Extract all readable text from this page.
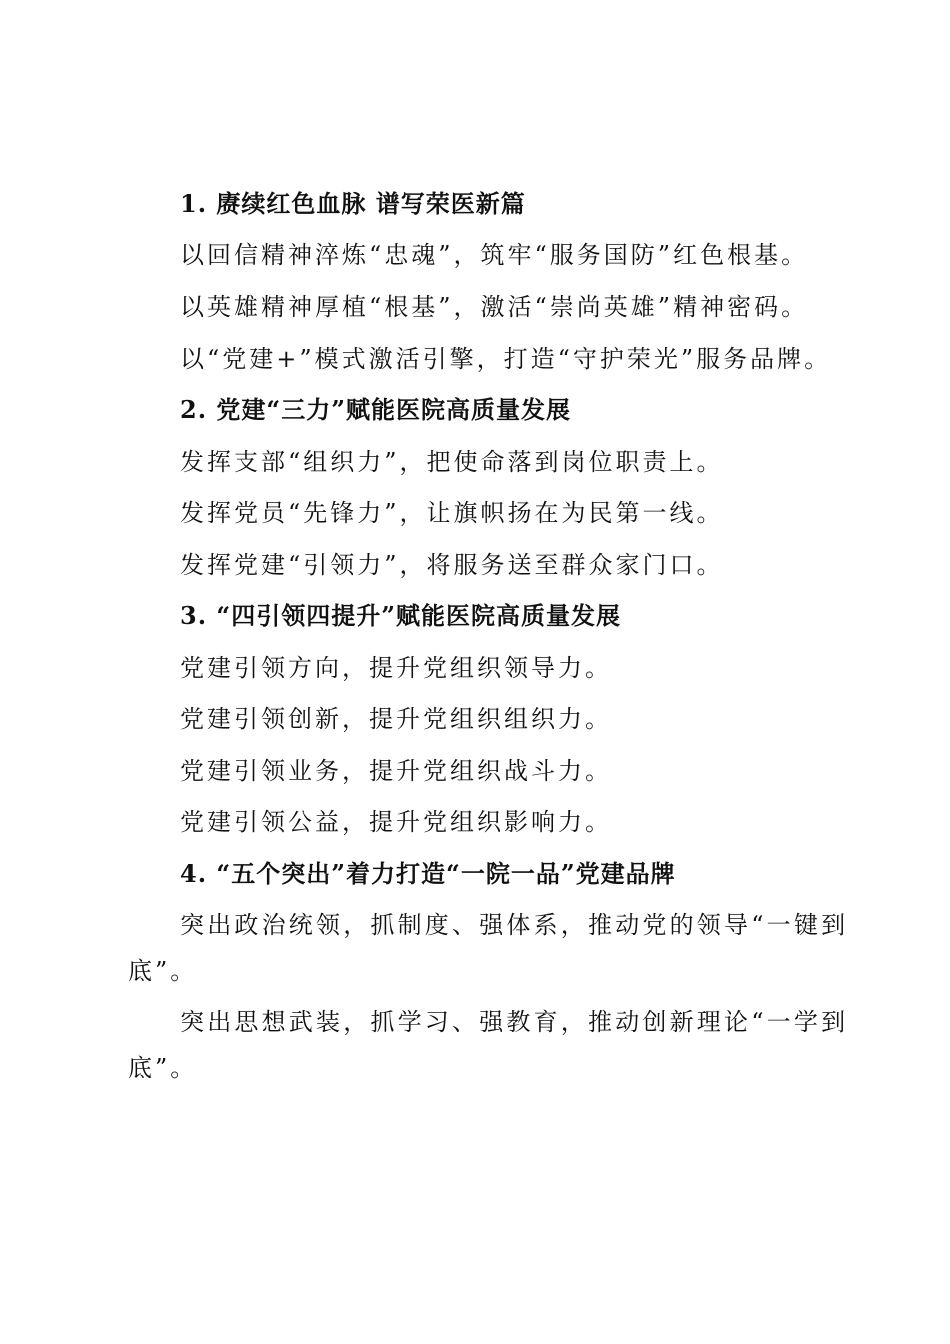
1. 赓续红色血脉 谱写荣医新篇
以回信精神淬炼“忠魂”，筑牢“服务国防”红色根基。
以英雄精神厚植“根基”，激活“崇尚英雄”精神密码。
以“党建+”模式激活引擎，打造“守护荣光”服务品牌。
2. 党建“三力”赋能医院高质量发展
发挥支部“组织力”，把使命落到岗位职责上。
发挥党员“先锋力”，让旗帜扬在为民第一线。
发挥党建“引领力”，将服务送至群众家门口。
3. “四引领四提升”赋能医院高质量发展
党建引领方向，提升党组织领导力。
党建引领创新，提升党组织组织力。
党建引领业务，提升党组织战斗力。
党建引领公益，提升党组织影响力。
4. “五个突出”着力打造“一院一品”党建品牌
突出政治统领，抓制度、强体系，推动党的领导“一键到
底”。
突出思想武装，抓学习、强教育，推动创新理论“一学到
底”。
